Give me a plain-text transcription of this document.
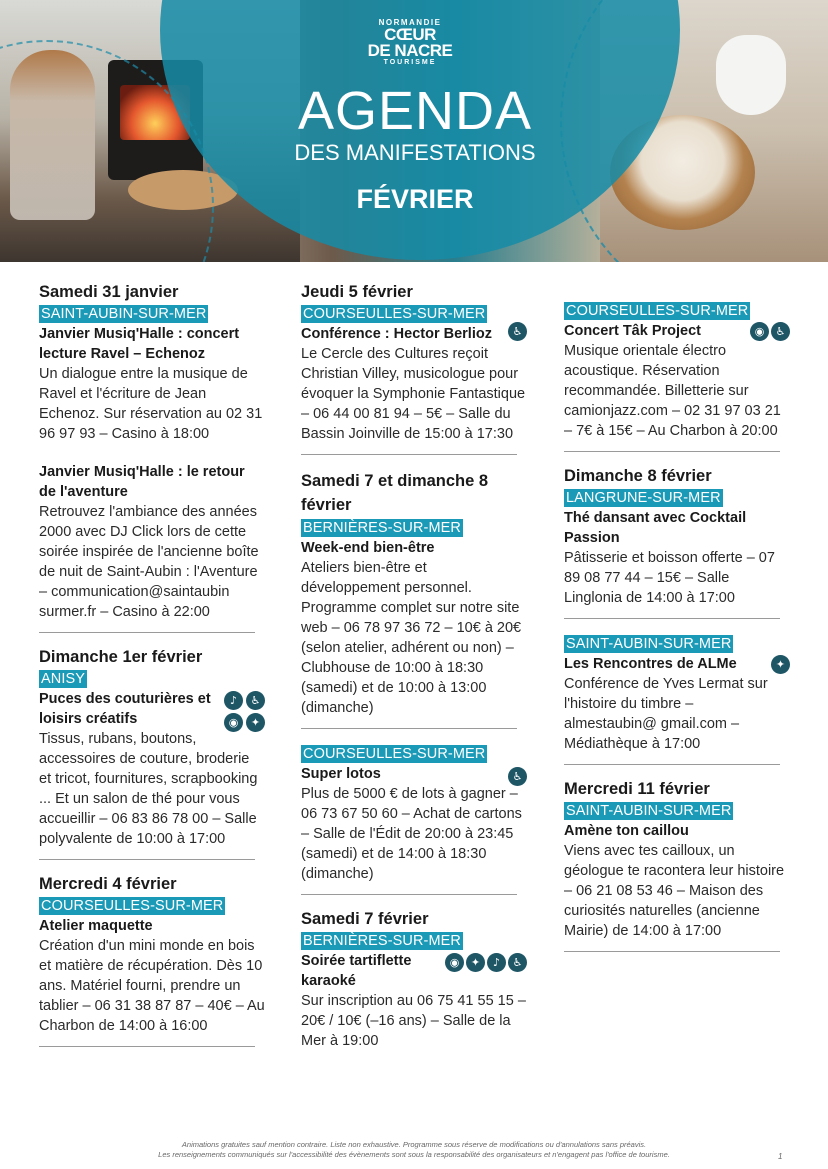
NORMANDIE
CŒUR
DE NACRE
TOURISME
AGENDA
DES MANIFESTATIONS
FÉVRIER
Samedi 31 janvier
SAINT-AUBIN-SUR-MER
Janvier Musiq'Halle : concert lecture Ravel – Echenoz
Un dialogue entre la musique de Ravel et l'écriture de Jean Echenoz. Sur réservation au 02 31 96 97 93 – Casino à 18:00
Janvier Musiq'Halle : le retour de l'aventure
Retrouvez l'ambiance des années 2000 avec DJ Click lors de cette soirée inspirée de l'ancienne boîte de nuit de Saint-Aubin : l'Aventure – communication@saintaubin surmer.fr – Casino à 22:00
Dimanche 1er février
ANISY
♪	♿
◉	✦
Puces des couturières et loisirs créatifs
Tissus, rubans, boutons, accessoires de couture, broderie et tricot, fournitures, scrapbooking ... Et un salon de thé pour vous accueillir – 06 83 86 78 00 – Salle polyvalente de 10:00 à 17:00
Mercredi 4 février
COURSEULLES-SUR-MER
Atelier maquette
Création d'un mini monde en bois et matière de récupération. Dès 10 ans. Matériel fourni, prendre un tablier – 06 31 38 87 87 – 40€ – Au Charbon de 14:00 à 16:00
Jeudi 5 février
COURSEULLES-SUR-MER
♿
Conférence : Hector Berlioz
Le Cercle des Cultures reçoit Christian Villey, musicologue pour évoquer la Symphonie Fantastique – 06 44 00 81 94 – 5€ – Salle du Bassin Joinville de 15:00 à 17:30
Samedi 7 et dimanche 8 février
BERNIÈRES-SUR-MER
Week-end bien-être
Ateliers bien-être et développement personnel. Programme complet sur notre site web – 06 78 97 36 72 – 10€ à 20€ (selon atelier, adhérent ou non) – Clubhouse de 10:00 à 18:30 (samedi) et de 10:00 à 13:00 (dimanche)
COURSEULLES-SUR-MER
♿
Super lotos
Plus de 5000 € de lots à gagner – 06 73 67 50 60 – Achat de cartons – Salle de l'Édit de 20:00 à 23:45 (samedi) et de 14:00 à 18:30 (dimanche)
Samedi 7 février
BERNIÈRES-SUR-MER
◉	✦	♪	♿
Soirée tartiflette karaoké
Sur inscription au 06 75 41 55 15 – 20€ / 10€ (–16 ans) – Salle de la Mer à 19:00
COURSEULLES-SUR-MER
◉	♿
Concert Tâk Project
Musique orientale électro acoustique. Réservation recommandée. Billetterie sur camionjazz.com – 02 31 97 03 21 – 7€ à 15€ – Au Charbon à 20:00
Dimanche 8 février
LANGRUNE-SUR-MER
Thé dansant avec Cocktail Passion
Pâtisserie et boisson offerte – 07 89 08 77 44 – 15€ – Salle Linglonia de 14:00 à 17:00
SAINT-AUBIN-SUR-MER
✦
Les Rencontres de ALMe
Conférence de Yves Lermat sur l'histoire du timbre – almestaubin@ gmail.com – Médiathèque à 17:00
Mercredi 11 février
SAINT-AUBIN-SUR-MER
Amène ton caillou
Viens avec tes cailloux, un géologue te racontera leur histoire – 06 21 08 53 46 – Maison des curiosités naturelles (ancienne Mairie) de 14:00 à 17:00
Animations gratuites sauf mention contraire. Liste non exhaustive. Programme sous réserve de modifications ou d'annulations sans préavis.
Les renseignements communiqués sur l'accessibilité des évènements sont sous la responsabilité des organisateurs et n'engagent pas l'office de tourisme.	1
